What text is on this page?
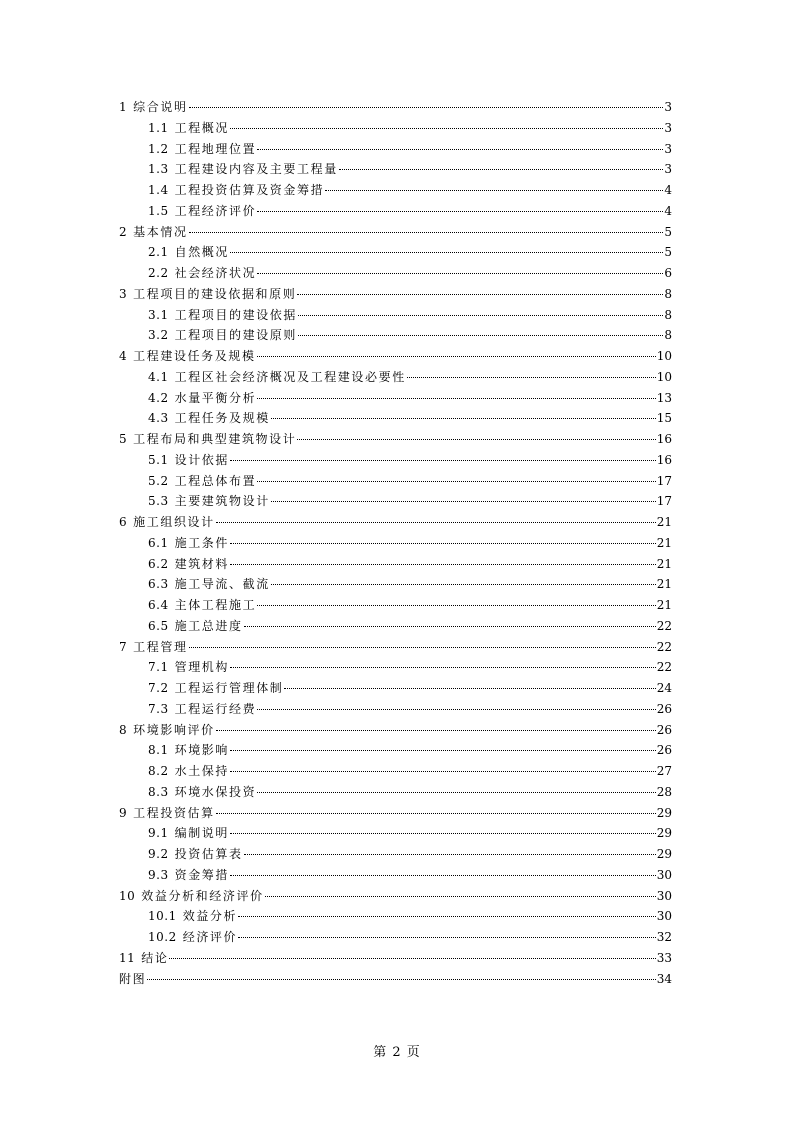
1 综合说明	3
1.1 工程概况	3
1.2 工程地理位置	3
1.3 工程建设内容及主要工程量	3
1.4 工程投资估算及资金筹措	4
1.5 工程经济评价	4
2 基本情况	5
2.1 自然概况	5
2.2 社会经济状况	6
3 工程项目的建设依据和原则	8
3.1 工程项目的建设依据	8
3.2 工程项目的建设原则	8
4 工程建设任务及规模	10
4.1 工程区社会经济概况及工程建设必要性	10
4.2 水量平衡分析	13
4.3 工程任务及规模	15
5 工程布局和典型建筑物设计	16
5.1 设计依据	16
5.2 工程总体布置	17
5.3 主要建筑物设计	17
6 施工组织设计	21
6.1 施工条件	21
6.2 建筑材料	21
6.3 施工导流、截流	21
6.4 主体工程施工	21
6.5 施工总进度	22
7 工程管理	22
7.1 管理机构	22
7.2 工程运行管理体制	24
7.3 工程运行经费	26
8 环境影响评价	26
8.1 环境影响	26
8.2 水土保持	27
8.3 环境水保投资	28
9 工程投资估算	29
9.1 编制说明	29
9.2 投资估算表	29
9.3 资金筹措	30
10 效益分析和经济评价	30
10.1 效益分析	30
10.2 经济评价	32
11 结论	33
附图	34
第 2 页
